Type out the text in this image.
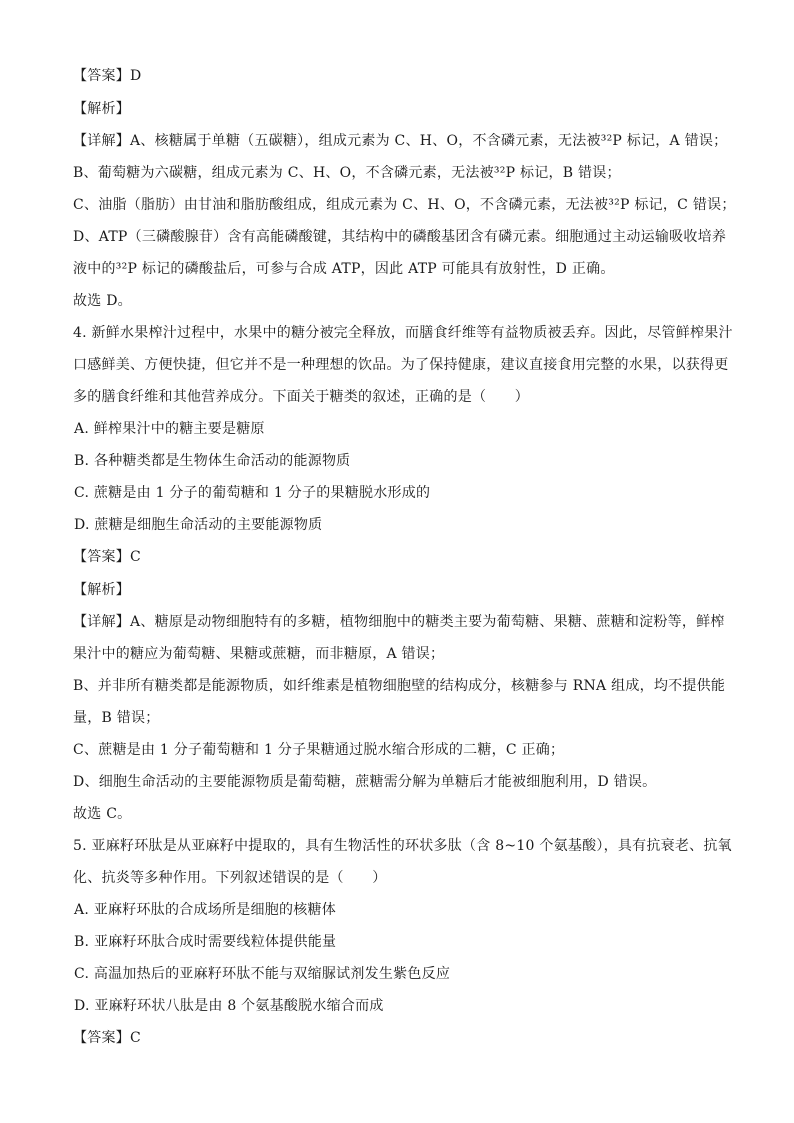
【答案】D
【解析】
【详解】A、核糖属于单糖（五碳糖），组成元素为 C、H、O，不含磷元素，无法被³²P 标记，A 错误；
B、葡萄糖为六碳糖，组成元素为 C、H、O，不含磷元素，无法被³²P 标记，B 错误；
C、油脂（脂肪）由甘油和脂肪酸组成，组成元素为 C、H、O，不含磷元素，无法被³²P 标记，C 错误；
D、ATP（三磷酸腺苷）含有高能磷酸键，其结构中的磷酸基团含有磷元素。细胞通过主动运输吸收培养
液中的³²P 标记的磷酸盐后，可参与合成 ATP，因此 ATP 可能具有放射性，D 正确。
故选 D。
4. 新鲜水果榨汁过程中，水果中的糖分被完全释放，而膳食纤维等有益物质被丢弃。因此，尽管鲜榨果汁
口感鲜美、方便快捷，但它并不是一种理想的饮品。为了保持健康，建议直接食用完整的水果，以获得更
多的膳食纤维和其他营养成分。下面关于糖类的叙述，正确的是（　　）
A. 鲜榨果汁中的糖主要是糖原
B. 各种糖类都是生物体生命活动的能源物质
C. 蔗糖是由 1 分子的葡萄糖和 1 分子的果糖脱水形成的
D. 蔗糖是细胞生命活动的主要能源物质
【答案】C
【解析】
【详解】A、糖原是动物细胞特有的多糖，植物细胞中的糖类主要为葡萄糖、果糖、蔗糖和淀粉等，鲜榨
果汁中的糖应为葡萄糖、果糖或蔗糖，而非糖原，A 错误；
B、并非所有糖类都是能源物质，如纤维素是植物细胞壁的结构成分，核糖参与 RNA 组成，均不提供能
量，B 错误；
C、蔗糖是由 1 分子葡萄糖和 1 分子果糖通过脱水缩合形成的二糖，C 正确；
D、细胞生命活动的主要能源物质是葡萄糖，蔗糖需分解为单糖后才能被细胞利用，D 错误。
故选 C。
5. 亚麻籽环肽是从亚麻籽中提取的，具有生物活性的环状多肽（含 8~10 个氨基酸），具有抗衰老、抗氧
化、抗炎等多种作用。下列叙述错误的是（　　）
A. 亚麻籽环肽的合成场所是细胞的核糖体
B. 亚麻籽环肽合成时需要线粒体提供能量
C. 高温加热后的亚麻籽环肽不能与双缩脲试剂发生紫色反应
D. 亚麻籽环状八肽是由 8 个氨基酸脱水缩合而成
【答案】C
